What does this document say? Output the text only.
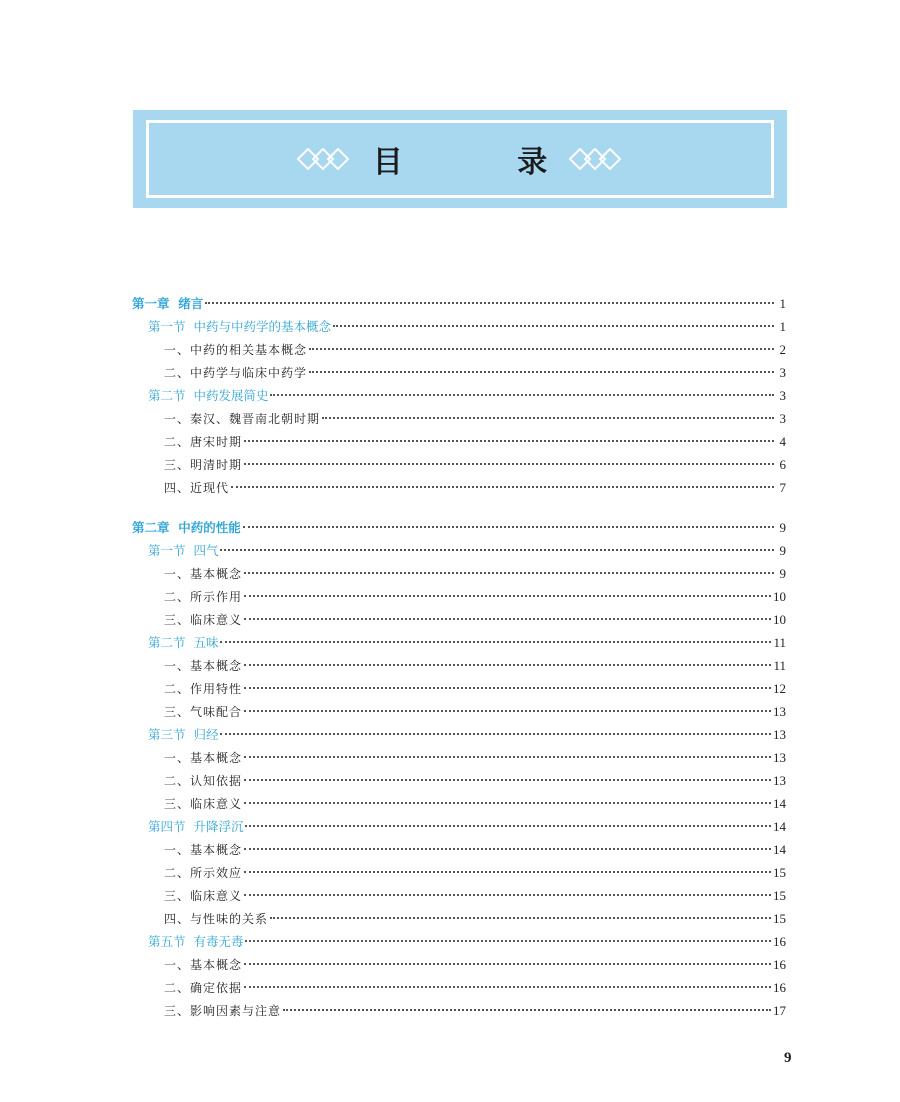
目 录
第一章  绪言	1
第一节  中药与中药学的基本概念	1
一、中药的相关基本概念	2
二、中药学与临床中药学	3
第二节  中药发展简史	3
一、秦汉、魏晋南北朝时期	3
二、唐宋时期	4
三、明清时期	6
四、近现代	7
第二章  中药的性能	9
第一节  四气	9
一、基本概念	9
二、所示作用	10
三、临床意义	10
第二节  五味	11
一、基本概念	11
二、作用特性	12
三、气味配合	13
第三节  归经	13
一、基本概念	13
二、认知依据	13
三、临床意义	14
第四节  升降浮沉	14
一、基本概念	14
二、所示效应	15
三、临床意义	15
四、与性味的关系	15
第五节  有毒无毒	16
一、基本概念	16
二、确定依据	16
三、影响因素与注意	17
9
